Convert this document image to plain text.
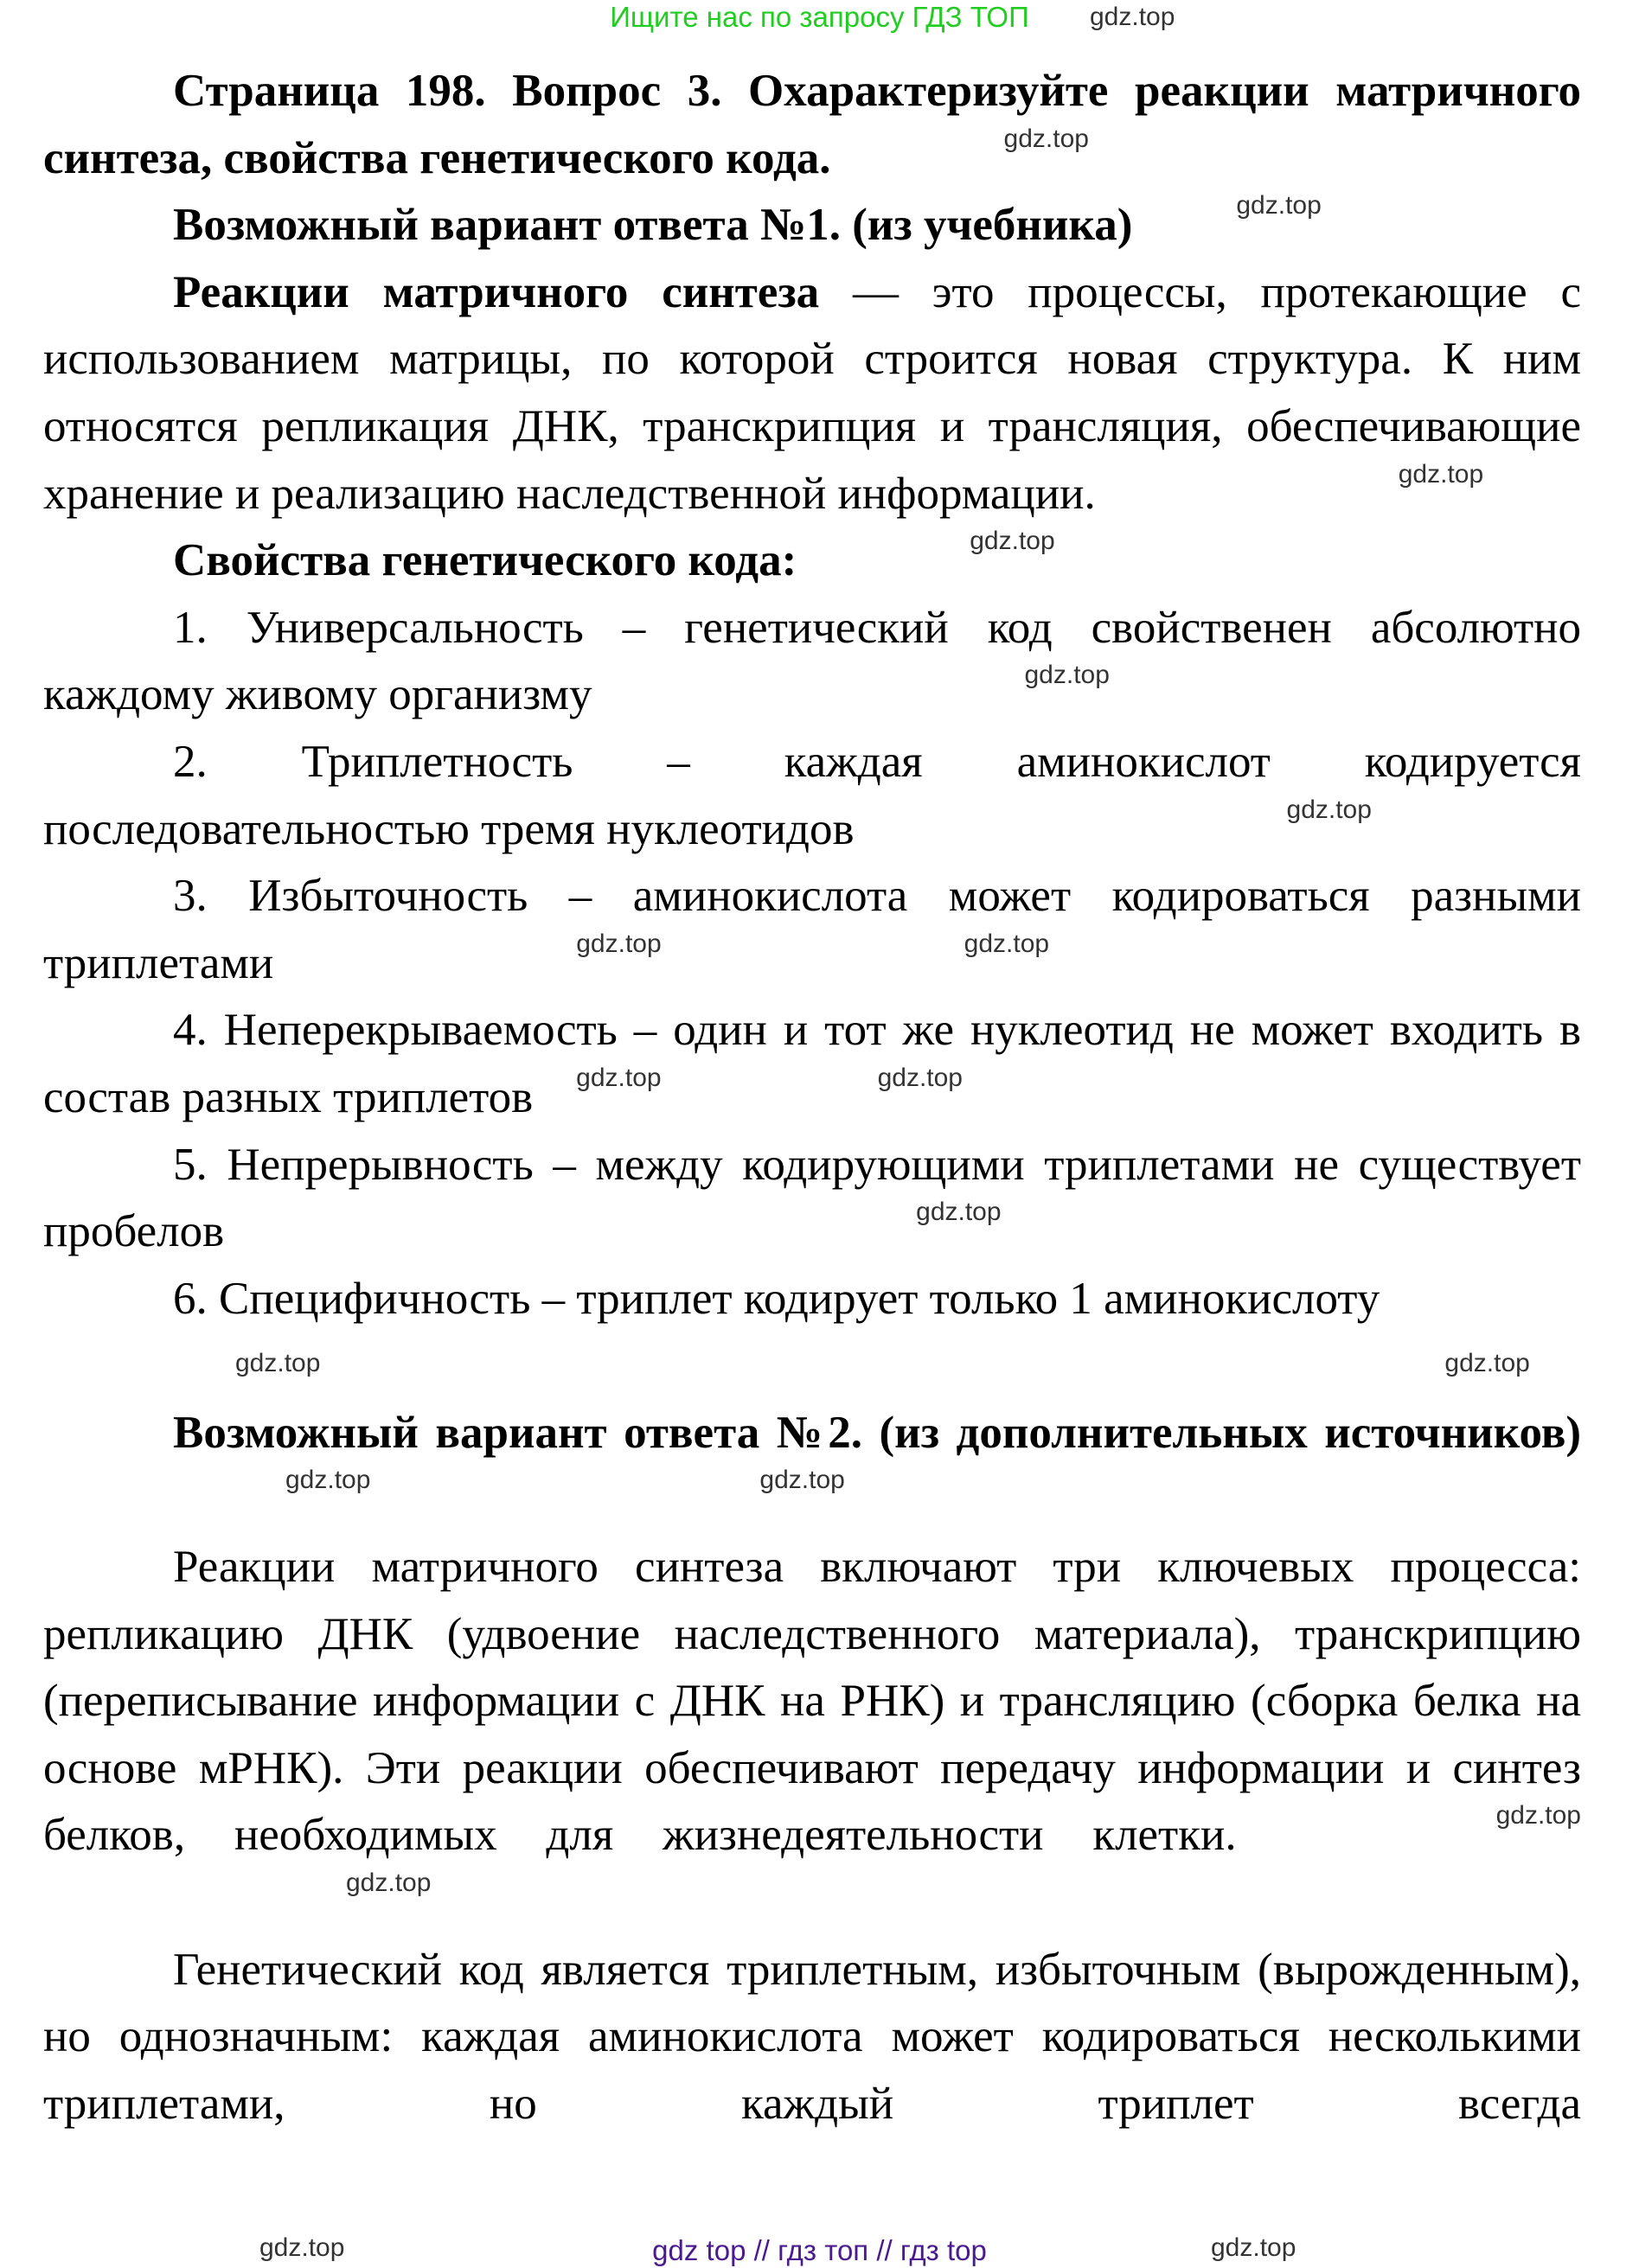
Ищите нас по запросу ГДЗ ТОП	gdz.top

Страница 198. Вопрос 3. Охарактеризуйте реакции матричного синтеза, свойства генетического кода.	gdz.top

Возможный вариант ответа №1. (из учебника)	gdz.top

Реакции матричного синтеза — это процессы, протекающие с использованием матрицы, по которой строится новая структура. К ним относятся репликация ДНК, транскрипция и трансляция, обеспечивающие хранение и реализацию наследственной информации.	gdz.top

Свойства генетического кода:	gdz.top

1. Универсальность – генетический код свойственен абсолютно каждому живому организму	gdz.top

2. Триплетность – каждая аминокислот кодируется последовательностью тремя нуклеотидов	gdz.top

3. Избыточность – аминокислота может кодироваться разными триплетами	gdz.top	gdz.top

4. Неперекрываемость – один и тот же нуклеотид не может входить в состав разных триплетов gdz.top	gdz.top

5. Непрерывность – между кодирующими триплетами не существует пробелов	gdz.top

6. Специфичность – триплет кодирует только 1 аминокислоту

gdz.top	gdz.top

Возможный вариант ответа №2. (из дополнительных источников)gdz.top	gdz.top

Реакции матричного синтеза включают три ключевых процесса: репликацию ДНК (удвоение наследственного материала), транскрипцию (переписывание информации с ДНК на РНК) и трансляцию (сборка белка на основе мРНК). Эти реакции обеспечивают передачу информации и синтез белков, необходимых для жизнедеятельности клетки.	gdz.topgdz.top

Генетический код является триплетным, избыточным (вырожденным), но однозначным: каждая аминокислота может кодироваться несколькими триплетами, но каждый триплет всегда

gdz.top	gdz.top
gdz top // гдз топ // гдз top
